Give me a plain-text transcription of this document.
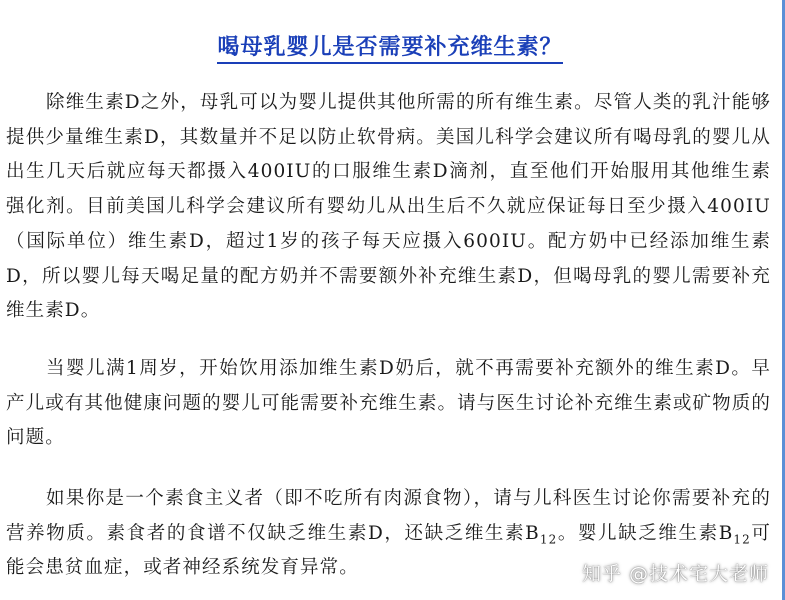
喝母乳婴儿是否需要补充维生素？

除维生素D之外，母乳可以为婴儿提供其他所需的所有维生素。尽管人类的乳汁能够提供少量维生素D，其数量并不足以防止软骨病。美国儿科学会建议所有喝母乳的婴儿从出生几天后就应每天都摄入400IU的口服维生素D滴剂，直至他们开始服用其他维生素强化剂。目前美国儿科学会建议所有婴幼儿从出生后不久就应保证每日至少摄入400IU（国际单位）维生素D，超过1岁的孩子每天应摄入600IU。配方奶中已经添加维生素D，所以婴儿每天喝足量的配方奶并不需要额外补充维生素D，但喝母乳的婴儿需要补充维生素D。

当婴儿满1周岁，开始饮用添加维生素D奶后，就不再需要补充额外的维生素D。早产儿或有其他健康问题的婴儿可能需要补充维生素。请与医生讨论补充维生素或矿物质的问题。

如果你是一个素食主义者（即不吃所有肉源食物），请与儿科医生讨论你需要补充的营养物质。素食者的食谱不仅缺乏维生素D，还缺乏维生素$B_{12}$。婴儿缺乏维生素$B_{12}$可能会患贫血症，或者神经系统发育异常。	知乎 @技术宅大老师
